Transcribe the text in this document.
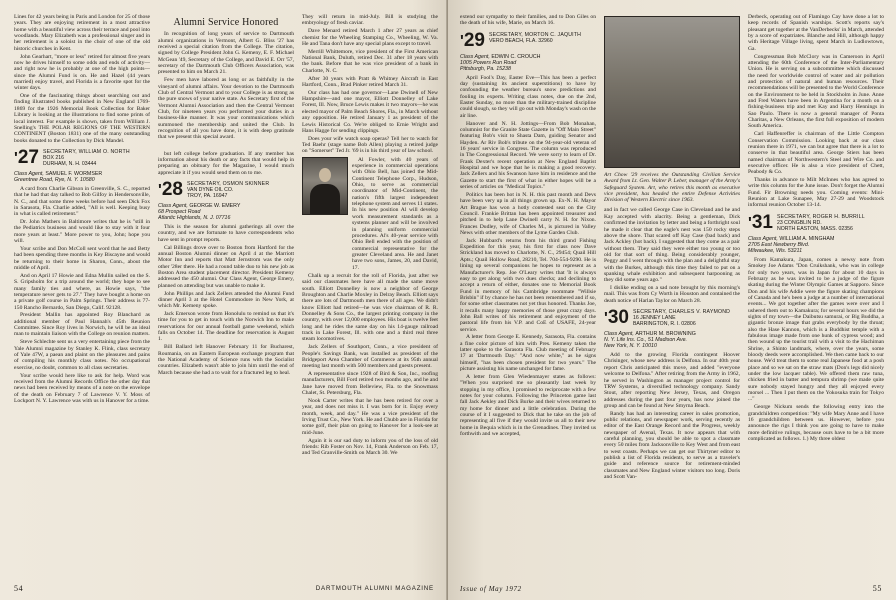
Lines for 42 years being in Paris and London for 25 of those years. They are enjoying retirement in a most attractive home with a beautiful view across their terrace and pool into woodlands. Mary Elizabeth was a professional singer and in her retirement is a soloist in the choir of one of the old historic churches in Kent.

John Gearhart, "more or less" retired for almost five years now he drives himself to some odds and ends of activity—and right now he is probably at one of the high points—since the Alumni Fund is on. He and Hazel (44 years married) enjoy travel, and Florida is a favorite spot for the winter days.

One of the fascinating things about searching out and finding illustrated books published in New England 1769-1869 for the 1926 Memorial Book Collection for Baker Library is looking at the illustrations to find some prints of local interest. For example is shown, taken from William J. Snelling's THE POLAR REGIONS OF THE WESTERN CONTINENT (Boston 1831) one of the many outstanding books donated to the Collection by Dick Mandel.

'27 SECRETARY, WILLIAM O. NORTH
BOX 216
DURHAM, N. H. 03444
Class Agent, SAMUEL F. WORMSER
Greentree Road, Rye, N. Y. 10580

A card from Charlie Gibson in Greenville, S. C., reported that he had that day talked to Bob Gilfoy in Hendersonville, N. C., and that some three weeks before had seen Dick Fox in Sarasota, Fla. Charlie added, "All is well. Keeping busy in what is called retirement."

Dr. John Mathers in Baltimore writes that he is "still in the Pediatrics business and would like to stay with it four more years at least." More power to you, John; hope you will.

Your scribe and Don McColl sent word that he and Betty had been spending three months in Key Biscayne and would be returning to their home in Sharon, Conn., about the middle of April.

And on April 17 Howie and Edna Mullin sailed on the S. S. Gripsholm for a trip around the world; they hope to see many family ties and where, as Howie says, "the temperature never gets to 27." They have bought a home on a private golf course in Palm Springs. Their address is 77-150 Rancho Bernardo, San Diego, Calif. 92128.

President Mallin has appointed Roy Blanchard as additional member of Paul Hannah's 45th Reunion Committee. Since Roy lives in Norwich, he will be an ideal man to maintain liaison with the College on reunion matters.

Steve Schlechte sent us a very entertaining piece from the Yale Alumni magazine by Stanley K. Flink, class secretary of Yale 47W, a paean and plaint on the pleasures and pains of compiling his monthly class notes. No occupational exercise, no doubt, common to all class secretaries.

Your scribe would here like to ask for help. Word was received from the Alumni Records Office the other day that news had been received by means of a note on the envelope of the death on February 7 of Lawrence V. Y. Moss of Lockport N. Y. Lawrence was with us in Hanover for a time.

Alumni Service Honored

In recognition of long years of service to Dartmouth alumni organizations in Vermont, Albert G. Bliss '27 has received a special citation from the College. The citation, signed by College President John G. Kemeny, E. F. Michael McGean '49, Secretary of the College, and David E. Orr '57, secretary of the Dartmouth Club Officers Association, was presented to him on March 21.

Few men have labored as long or as faithfully in the vineyard of alumni affairs. Your devotion to the Dartmouth Club of Central Vermont and to your College is as strong as the pure snows of your native state. As Secretary first of the Vermont Alumni Association and then the Central Vermont Club, for nineteen years you performed your duties in a business-like manner. It was your communications which summoned the membership and united the Club. In recognition of all you have done, it is with deep gratitude that we present this special award.

but left college before graduation. If any member has information about his death or any facts that would help in preparing an obituary for the Magazine, I would much appreciate it if you would send them on to me.

'28 SECRETARY, OSMON SKINNER
VAN DYNE OIL CO.
TROY, PA. 16947
Class Agent, GEORGE W. EMERY
68 Prospect Road
Atlantic Highlands, N. J. 07716

This is the season for alumni gatherings all over the country, and we are fortunate to have correspondents who have sent in prompt reports.

Cal Billings drove over to Boston from Hartford for the annual Boston Alumni dinner on April 4 at the Marriott Motor Inn and reports that Matt Jernstrom was the only other '28er there. He had a round table duo to his new job as Boston Area student placement director. President Kemeny addressed the 450 alumni. Our Class Agent, George Emery, planned on attending but was unable to make it.

John Phillips and Jack Zellers attended the Alumni Fund dinner April 3 at the Hotel Commodore in New York, at which Mr. Kemeny spoke.

Jack Emerson wrote from Honolulu to remind us that it's time for you to get in touch with the Norwich Inn to make reservations for our annual football game weekend, which falls on October 14. The deadline for reservation is August 1.

Bill Ballard left Hanover February 11 for Bucharest, Roumania, on an Eastern European exchange program that the National Academy of Science runs with the Socialist countries. Elizabeth wasn't able to join him until the end of March because she had a to wait for a fractured leg to heal.

They will return in mid-July. Bill is studying the embryology of fresh caviar.

Dave Menard retired March 1 after 27 years as chief chemist for the Wheeling Stamping Co., Wheeling, W. Va. He and Tana don't have any special plans except to travel.

Merrill Whittemore, vice president of the First American National Bank, Duluth, retired Dec. 31 after 18 years with the bank. Before that he was vice president of a bank in Charlotte, N. C.

After 30 years with Pratt & Whitney Aircraft in East Hartford, Conn., Brad Pinker retired March 31.

Our class has had one governor—Lane Dwinell of New Hampshire—and one mayor, Elliott Donnelley of Lake Forest, Ill. Now, Bruce Lewis makes it two mayors—he was elected mayor of Palm Beach Shores, Fla., in March without any opposition. He retired January 1 as president of the Lewis Historical Co. We're obliged to Ernie Wright and Hans Hagge for sending clippings.

Does your wife watch soap operas? Tell her to watch for Ted Baehr (stage name Bob Allen) playing a retired judge on "Somerset" Ted Jr. '69 is in his third year of law school.

Al Fowler, with 40 years of experience in commercial operations with Ohio Bell, has joined the Mid-Continent Telephone Corp., Hudson, Ohio, to serve as commercial coordinator of Mid-Continent, the nation's fifth largest independent telephone system and serves 11 states. In his new position Al will develop work measurement standards as a systems planner and will be involved in planning uniform commercial procedures. Al's 40-year service with Ohio Bell ended with the position of commercial representative for the greater Cleveland area. He and Janet have two sons, James, 20, and David, 17.

Chalk up a recruit for the roll of Florida, just after we said our classmates here have all made the same move south. Elliott Donnelley is now a neighbor of George Broughton and Charlie Moxley in Delray Beach. Elliott says there are lots of Dartmouth men there of all ages. We didn't know Elliott had retired—he was vice chairman of R. R. Donnelley & Sons Co., the largest printing company in the country, with over 12,000 employees. His boat is twelve feet long and he rides the same day on his 14-gauge railroad track in Lake Forest, Ill. with one and a third real three steam locomotives.

Jack Zellers of Southport, Conn., a vice president of People's Savings Bank, was installed as president of the Bridgeport Area Chamber of Commerce at its 95th annual meeting last month with 500 members and guests present.

A representative since 1928 of Bird & Son, Inc., roofing manufacturers, Bill Ford retired two months ago, and he and Jane have moved from Belleview, Fla. to the Snowmass Chalet, St. Petersburg, Fla.

Nook Carter writes that he has been retired for over a year, and does not miss it. I was born for it. Enjoy every month, week, and day." He was a vice president of the Irving Trust Co., New York. He and Chubb are in Florida for some golf, their plan on going to Hanover for a look-see at mid-June.

Again it is our sad duty to inform you of the loss of old friends: Rib Foster on Nov. 14, Frank Anderson on Feb. 17, and Ted Granville-Smith on March 30. We

54	DARTMOUTH ALUMNI MAGAZINE

extend our sympathy to their families, and to Don Giles on the death of his wife, Marie, on March 16.

'29 SECRETARY, MORTON C. JAQUITH
VERO BEACH, FLA. 32960
Class Agent, EDWIN C. CROUCH
1005 Powers Run Road
Pittsburgh, Pa. 15238

April Fool's Day, Easter Eve—This has been a perfect day (sustaining its ancient superstitions) to have by confounding the weather bureau's snow predictions and fooling its experts. Writing class notes, due on the 2nd, Easter Sunday, no more than the military-trained discipline could slough, so they will go out with Monday's wash on the air line.

Hanover and N. H. Jottings—From Bob Monahan, columnist for the Granite State Gazette in "Off Main Street" featuring Bob's visit to Shasta Dam, guiding Senator and Hayden. Ar Riv Bob's tribute on the 94-year-old veteran of 16 years' service in Congress. The column was reproduced in The Congressional Record. We were sorry to learn of Dr. Frank Dexter's recent operation at New England Baptist Hospital and we hope that he is making a good recovery. Jack Zellers and his Swanson have him in residence and the Gazette to start the first of what in either hopes will be a series of articles on "Medical Topics."

Politics has been hot in N. H. this past month and Devs have been very up in all things grown up. Ex-N. H. Mayor Art Brague has won a hotly contested seat on the City Council. Frankie Brittan has been appointed treasurer and pitched in to help Lane Dwinell carry N. H. for Nixon. Frances Dudley, wife of Charles M., is pictured in Valley News with other members of the Lyme Garden Club.

Jack Hubbard's returns from his third grand Fishing Expedition for this year, his first for class now Dave Strickland has moved to Charlotte, N. C., 29454; Quail Hill Apts.; Quail Hollow Road, 28210, Tel. 704-554-9290. He is lining up several companions he hopes to represent as a Manufacturer's Rep. Joe O'Leary writes that 'It is always easy to get along with two dues checks; and declining to accept a return of either, donates one to Memorial Book Fund in memory of his Cambridge roommate "Willsie Brisbin" if by chance he has not been remembered and if so, for some other classmates not yet thus honored. Thanks Joe, it recalls many happy memories of those great crazy days. John Ball writes of his retirement and enjoyment of the pastoral life from his V.P. and CoE of USAFE, 24-year service.

A letter from George E. Kennedy, Sarasota, Fla. contains a fine color picture of him with Pres. Kemeny taken the latter spoke to the Sarasota Fla. Club meeting of February 17 at 'Dartmouth Day.' "And now white," as he signs himself, "has been chosen president for two years." The picture assisting his name unchanged for fame.

A letter from Glen Wiedenmayer states as follows: "When you surprised me so pleasantly last week by stopping in my office, I promised to reciprocate with a few notes for your column. Following the Princeton game last fall Jack Aekley and Dick Burke and their wives returned to my home for dinner and a little celebration. During the course of it I suggested to Dick that he take on the job of representing all five if they would invite us all to their new home in Bequia which is in the Grenadines. They invited us forthwith and we accepted,

Art Chow '29 receives the Outstanding Civilian Service Award from Lt. Gen. Walter P. Leber, manager of the Army's Safeguard System. Art, who retires this month as executive vice president, has headed the entire Defense Activities Division of Western Electric since 1963.

and in fact we called George Case in Cleveland and he and Kay accepted with alacrity. Being a gentleman, Dick confirmed the invitation by letter and being a forthright soul he made it clear that the eagle's nest was 150 rocky steps above the shore. That scared off Kay Case (bad back) and Jack Ackley (hot back). I suggested that they come as a pair without them. They said they were either too young or too old for that sort of thing. Being considerably younger, Peggy and I went through with the plan and a delightful stay with the Burkes, although this time they failed to put on a spanking whale exhibition and subsequent harpooning as they did some years ago."

I dislike ending on a sad note brought by this morning's mail. This was from Cy Worth in Houston and contained the death notice of Harlan Taylor on March 28.

'30 SECRETARY, CHARLES V. RAYMOND
16 JENNEY LANE
BARRINGTON, R. I. 02806
Class Agent, ARTHUR M. BROWNING
N. Y. Life Ins. Co., 51 Madison Ave.
New York, N. Y. 10010

Add to the growing Florida contingent Hoover Chrisinger, whose new address is Delfona. In our 40th year report Chris anticipated this move, and added "everyone welcome to Delfona." After retiring from the Army in 1962, he served in Washington as manager project control for TRW Systems, a diversified technology company. Sandy Stout, after reporting New Jersey, Texas, and Oregon addresses during the past four years, has now joined the group and can be found at New Smyrna Beach.

Randy has had an interesting career in sales promotion, public relations, and newspaper work, serving recently as editor of the East Orange Record and the Progress, weekly newspaper of Avenal, Texas. It now appears that with careful planning, you should be able to spot a classmate every 50 miles from Jacksonville to Key West and from east to west coasts. Perhaps we can get our Thirtyner editor to publish a list of Florida residents, to serve as a traveler's guide and reference source for retirement-minded classmates and New England winter visitors too long. Doris and Scott Van-

Derbeck, operating out of Flamingo Cay have done a lot to keep records of Spanish warships. Scott's reports say's pleasant get together at the VanDerbecks' in March, attended by a score of expatriates. Blanche and Hill, although happy with Heritage Village living, spent March in Ludlowtown, Ga.

Congressman Bob McClory was in Cameroon in April attending the 60th Conference of the Inter-Parliamentary Union. He is serving on a subcommittee which discussed the need for worldwide control of water and air pollution and protection of natural and human resources. Their recommendations will be presented to the World Conference on the Environment to be held in Stockholm in June. Anne and Fred Waters have been in Argentina for a month on a fishing-business trip and met Kay and Harry Hennings in Sao Paulo. There is now a general manager of Ponta Charitas, a New Orleans, the first full exposition of modern South America.

Carl Haffenreffer is chairman of the Little Compton Conservation Commission. Looking back at our class reunion there in 1971, we can but agree that there is a lot to conserve in that beautiful area. George Stiers has been named chairman of Northwestern's Steel and Wire Co. and executive officer. He is also a vice president of Chett, Peabody & Co.

Thanks in advance to Milt McInnes who has agreed to write this column for the June issue. Don't forget the Alumni Fund. Fir Browning needs you. Coming events: Mini-Reunion at Lake Sunapee, May 27-29 and Woodstock informal reunion October 13-14.

'31 SECRETARY, ROGER H. BURRILL
23 CONGBLIN RD.
NORTH EASTON, MASS. 02356
Class Agent, WILLIAM A. MINGHAM
2705 East Newberry Blvd.
Milwaukee, Wis. 53211

From Kamakura, Japan, comes a newsy note from Smokey Joe Adams "Don Cruikshank, who was in college for only two years, was in Japan for about 10 days in February as he was invited to be a judge of the figure skating during the Winter Olympic Games at Sapporo. Since Don and his wife Addie were the figure skating champions of Canada and he's been a judge at a number of international events... We got together after the games were over and I ushered them out to Kamakura; for several hours we did the sights of my town—the Daibutsu samurai, or Big Buddha, a gigantic bronze image that grabs everybody by the throat; also the Hase Kannon, which is a Buddhist temple with a fabulous image made from one hunk of cypress wood; and then wound up the tourist trail with a visit to the Hachiman Shrine, a Shinto landmark, where, over the years, some bloody deeds were accomplished. We then came back to our house. We'd treat them to some real Japanese food at a posh place and so we sat on the straw mats (Don's legs did nicely under the low lacquer table). We offered them raw tuna, chicken fried in batter and tempura shrimp (we made quite sure nobody stayed hungry and they all enjoyed every morsel ... Then I put them on the Yokosuka train for Tokyo ..."

George Nickum sends the following entry into the grandchildren competition: "My wife Mary Anne and I have 16 grandchildren between us. However, before you announce the rigs I think you are going to have to make more definitive rulings, because ours have to be a bit more complicated as follows. 1.) My three oldest

Issue of May 1972	55
